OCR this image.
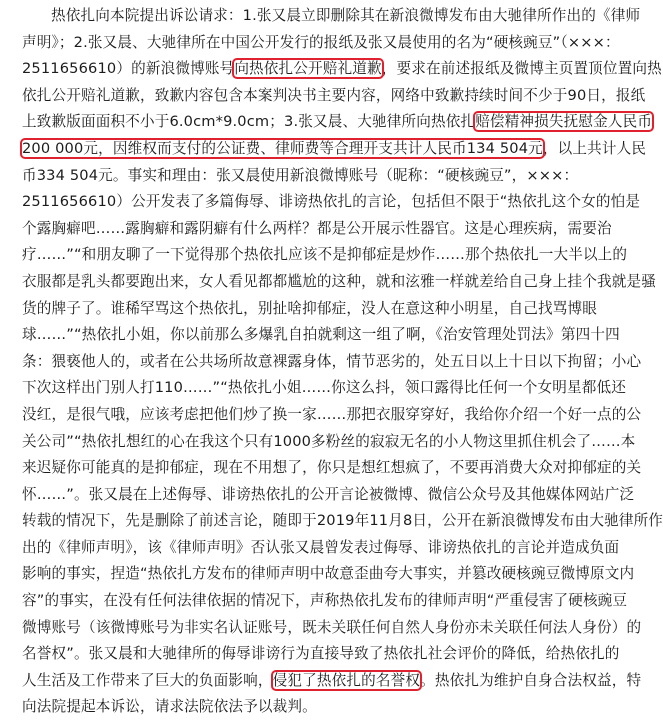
热依扎向本院提出诉讼请求：1.张又晨立即删除其在新浪微博发布由大驰律所作出的《律师
声明》；2.张又晨、大驰律所在中国公开发行的报纸及张又晨使用的名为“硬核豌豆”（×××：
2511656610）的新浪微博账号向热依扎公开赔礼道歉，要求在前述报纸及微博主页置顶位置向热
依扎公开赔礼道歉，致歉内容包含本案判决书主要内容，网络中致歉持续时间不少于90日，报纸
上致歉版面面积不小于6.0cm*9.0cm；3.张又晨、大驰律所向热依扎赔偿精神损失抚慰金人民币
200 000元，因维权而支付的公证费、律师费等合理开支共计人民币134 504元，以上共计人民
币334 504元。事实和理由：张又晨使用新浪微博账号（昵称：“硬核豌豆”，×××：
2511656610）公开发表了多篇侮辱、诽谤热依扎的言论，包括但不限于“热依扎这个女的怕是
个露胸癖吧……露胸癖和露阴癖有什么两样？都是公开展示性器官。这是心理疾病，需要治
疗……”“和朋友聊了一下觉得那个热依扎应该不是抑郁症是炒作……那个热依扎一大半以上的
衣服都是乳头都要跑出来，女人看见都都尴尬的这种，就和泫雅一样就差给自己身上挂个我就是骚
货的牌子了。谁稀罕骂这个热依扎，别扯啥抑郁症，没人在意这种小明星，自己找骂博眼
球……”“热依扎小姐，你以前那么多爆乳自拍就剩这一组了啊，《治安管理处罚法》第四十四
条：猥亵他人的，或者在公共场所故意裸露身体，情节恶劣的，处五日以上十日以下拘留；小心
下次这样出门别人打110……”“热依扎小姐……你这么抖，领口露得比任何一个女明星都低还
没红，是很气哦，应该考虑把他们炒了换一家……那把衣服穿穿好，我给你介绍一个好一点的公
关公司”“热依扎想红的心在我这个只有1000多粉丝的寂寂无名的小人物这里抓住机会了……本
来迟疑你可能真的是抑郁症，现在不用想了，你只是想红想疯了，不要再消费大众对抑郁症的关
怀……”。张又晨在上述侮辱、诽谤热依扎的公开言论被微博、微信公众号及其他媒体网站广泛
转载的情况下，先是删除了前述言论，随即于2019年11月8日，公开在新浪微博发布由大驰律所作
出的《律师声明》，该《律师声明》否认张又晨曾发表过侮辱、诽谤热依扎的言论并造成负面
影响的事实，捏造“热依扎方发布的律师声明中故意歪曲夸大事实，并篡改硬核豌豆微博原文内
容”的事实，在没有任何法律依据的情况下，声称热依扎发布的律师声明“严重侵害了硬核豌豆
微博账号（该微博账号为非实名认证账号，既未关联任何自然人身份亦未关联任何法人身份）的
名誉权”。张又晨和大驰律所的侮辱诽谤行为直接导致了热依扎社会评价的降低，给热依扎的
人生活及工作带来了巨大的负面影响，侵犯了热依扎的名誉权。热依扎为维护自身合法权益，特
向法院提起本诉讼，请求法院依法予以裁判。
